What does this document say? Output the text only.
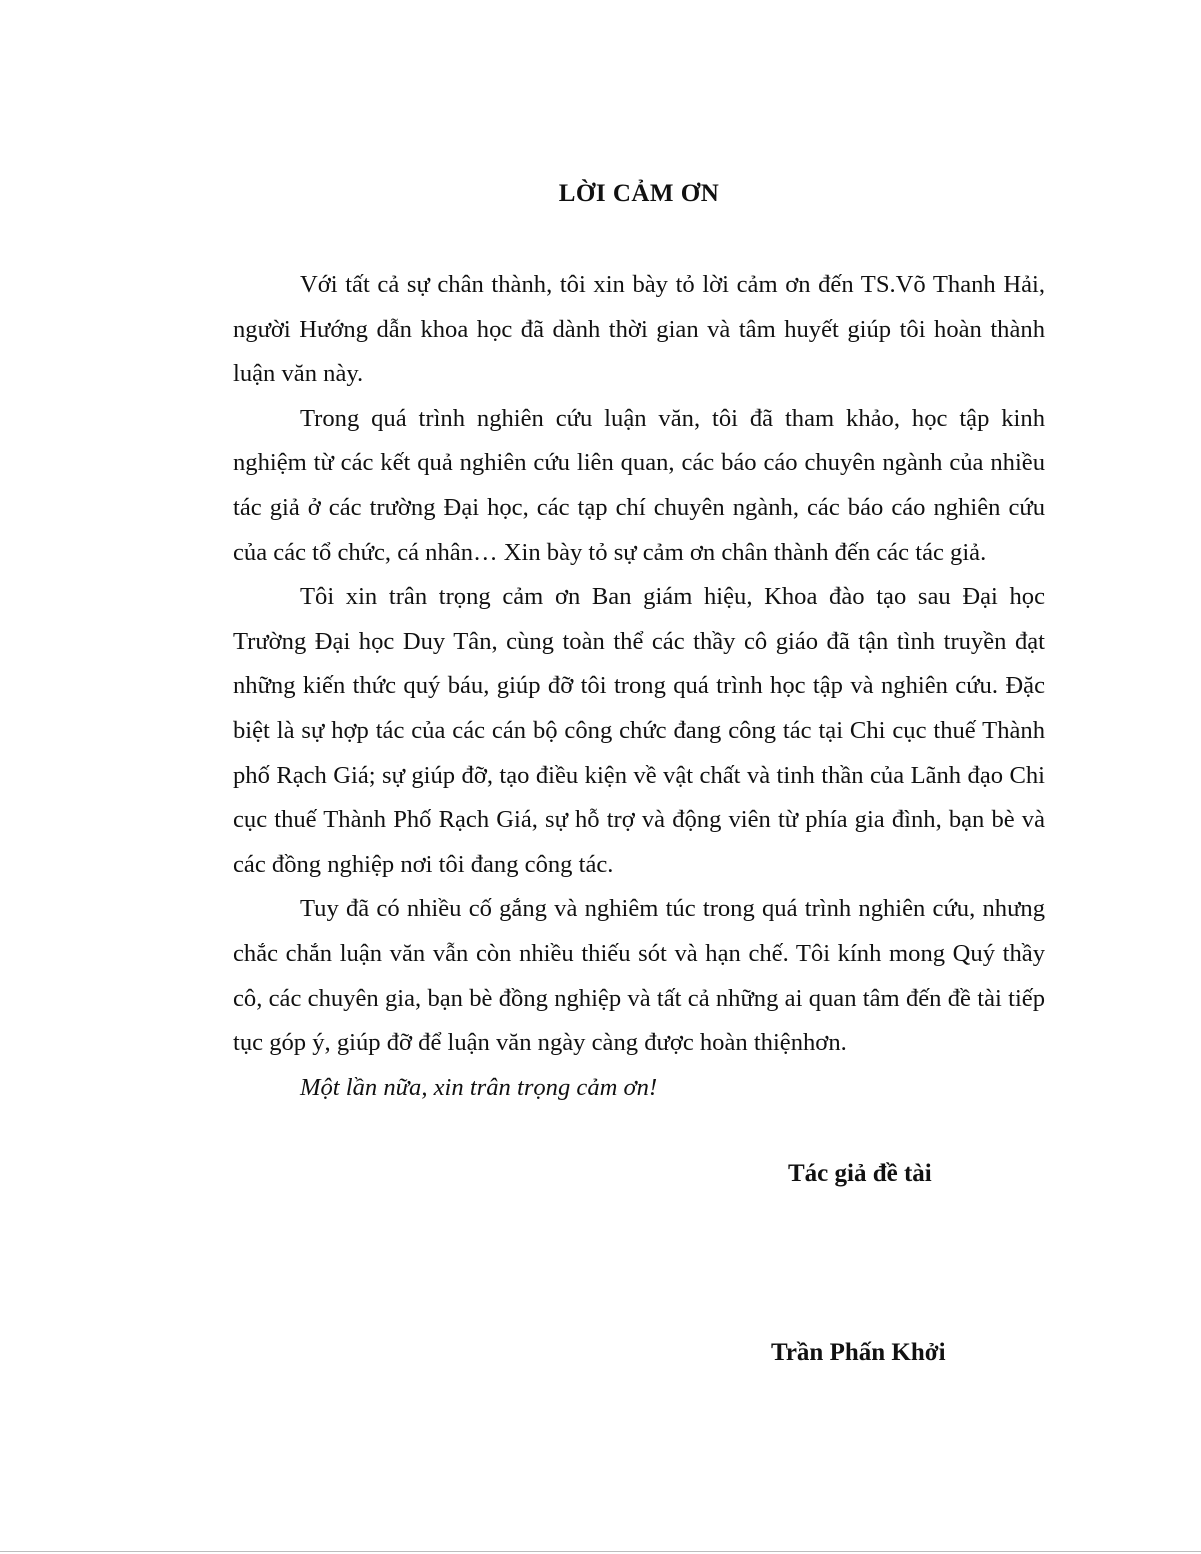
LỜI CẢM ƠN

Với tất cả sự chân thành, tôi xin bày tỏ lời cảm ơn đến TS.Võ Thanh Hải, người Hướng dẫn khoa học đã dành thời gian và tâm huyết giúp tôi hoàn thành luận văn này.

Trong quá trình nghiên cứu luận văn, tôi đã tham khảo, học tập kinh nghiệm từ các kết quả nghiên cứu liên quan, các báo cáo chuyên ngành của nhiều tác giả ở các trường Đại học, các tạp chí chuyên ngành, các báo cáo nghiên cứu của các tổ chức, cá nhân… Xin bày tỏ sự cảm ơn chân thành đến các tác giả.

Tôi xin trân trọng cảm ơn Ban giám hiệu, Khoa đào tạo sau Đại học Trường Đại học Duy Tân, cùng toàn thể các thầy cô giáo đã tận tình truyền đạt những kiến thức quý báu, giúp đỡ tôi trong quá trình học tập và nghiên cứu. Đặc biệt là sự hợp tác của các cán bộ công chức đang công tác tại Chi cục thuế Thành phố Rạch Giá; sự giúp đỡ, tạo điều kiện về vật chất và tinh thần của Lãnh đạo Chi cục thuế Thành Phố Rạch Giá, sự hỗ trợ và động viên từ phía gia đình, bạn bè và các đồng nghiệp nơi tôi đang công tác.

Tuy đã có nhiều cố gắng và nghiêm túc trong quá trình nghiên cứu, nhưng chắc chắn luận văn vẫn còn nhiều thiếu sót và hạn chế. Tôi kính mong Quý thầy cô, các chuyên gia, bạn bè đồng nghiệp và tất cả những ai quan tâm đến đề tài tiếp tục góp ý, giúp đỡ để luận văn ngày càng được hoàn thiệnhơn.

Một lần nữa, xin trân trọng cảm ơn!

Tác giả đề tài

Trần Phấn Khởi
